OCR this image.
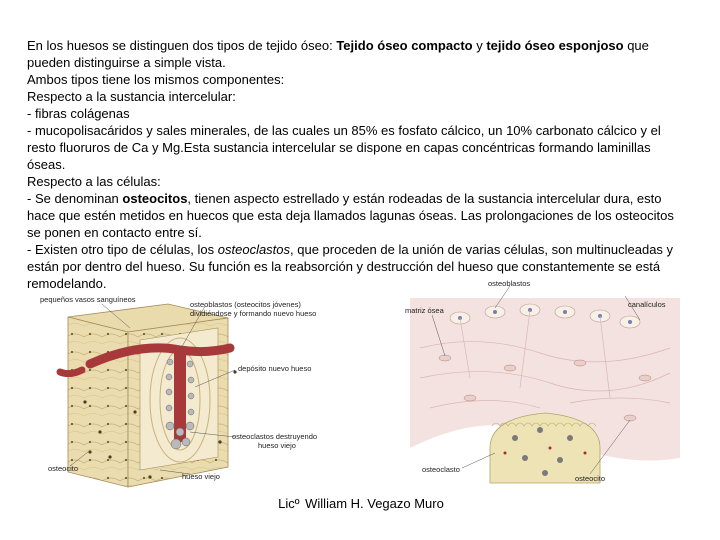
En los huesos se distinguen dos tipos de tejido óseo: Tejido óseo compacto y tejido óseo esponjoso que pueden distinguirse a simple vista.

Ambos tipos tiene los mismos componentes:

Respecto a la sustancia intercelular:

- fibras colágenas

- mucopolisacáridos y sales minerales, de las cuales un 85% es fosfato cálcico, un 10% carbonato cálcico y el resto fluoruros de Ca y Mg.Esta sustancia intercelular se dispone en capas concéntricas formando laminillas óseas.

Respecto a las células:

- Se denominan osteocitos, tienen aspecto estrellado y están rodeadas de la sustancia intercelular dura, esto hace que estén metidos en huecos que esta deja llamados lagunas óseas. Las prolongaciones de los osteocitos se ponen en contacto entre sí.

- Existen otro tipo de células, los osteoclastos, que proceden de la unión de varias células, son multinucleadas y están por dentro del hueso. Su función es la reabsorción y destrucción del hueso que constantemente se está remodelando.

pequeños vasos sanguíneos
osteoblastos (osteocitos jóvenes)
dividiéndose y formando nuevo hueso
depósito nuevo hueso
osteoclastos destruyendo
hueso viejo
osteocito
hueso viejo
osteoblastos
canalículos
matriz ósea
osteoclasto
osteocito
Licº William H. Vegazo Muro
